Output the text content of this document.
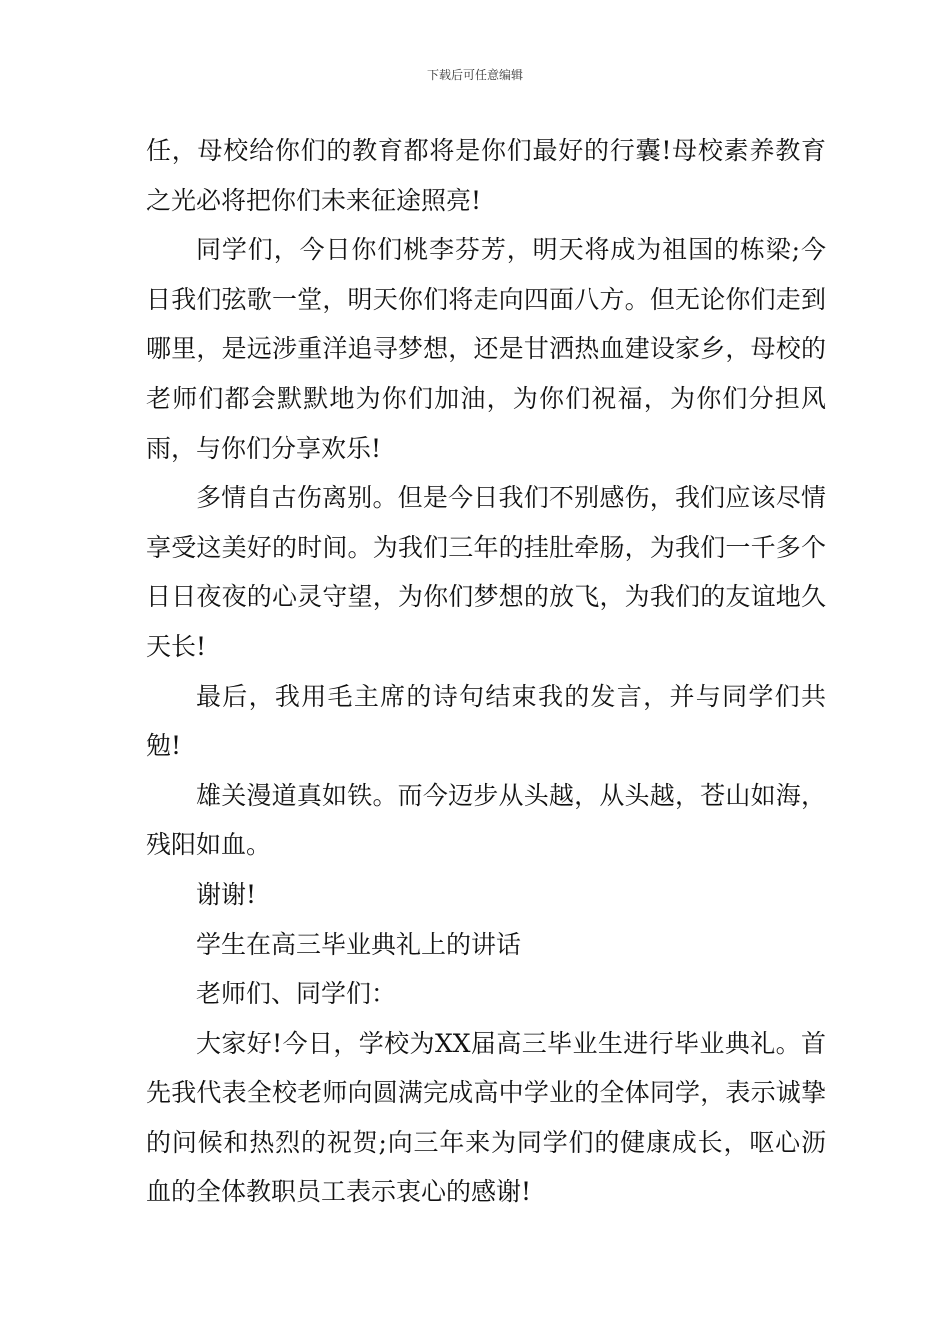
下载后可任意编辑

任，母校给你们的教育都将是你们最好的行囊!母校素养教育之光必将把你们未来征途照亮!

同学们，今日你们桃李芬芳，明天将成为祖国的栋梁;今日我们弦歌一堂，明天你们将走向四面八方。但无论你们走到哪里，是远涉重洋追寻梦想，还是甘洒热血建设家乡，母校的老师们都会默默地为你们加油，为你们祝福，为你们分担风雨，与你们分享欢乐!

多情自古伤离别。但是今日我们不别感伤，我们应该尽情享受这美好的时间。为我们三年的挂肚牵肠，为我们一千多个日日夜夜的心灵守望，为你们梦想的放飞，为我们的友谊地久天长!

最后，我用毛主席的诗句结束我的发言，并与同学们共勉!

雄关漫道真如铁。而今迈步从头越，从头越，苍山如海，残阳如血。

谢谢!

学生在高三毕业典礼上的讲话

老师们、同学们：

大家好!今日，学校为XX届高三毕业生进行毕业典礼。首先我代表全校老师向圆满完成高中学业的全体同学，表示诚挚的问候和热烈的祝贺;向三年来为同学们的健康成长，呕心沥血的全体教职员工表示衷心的感谢!
